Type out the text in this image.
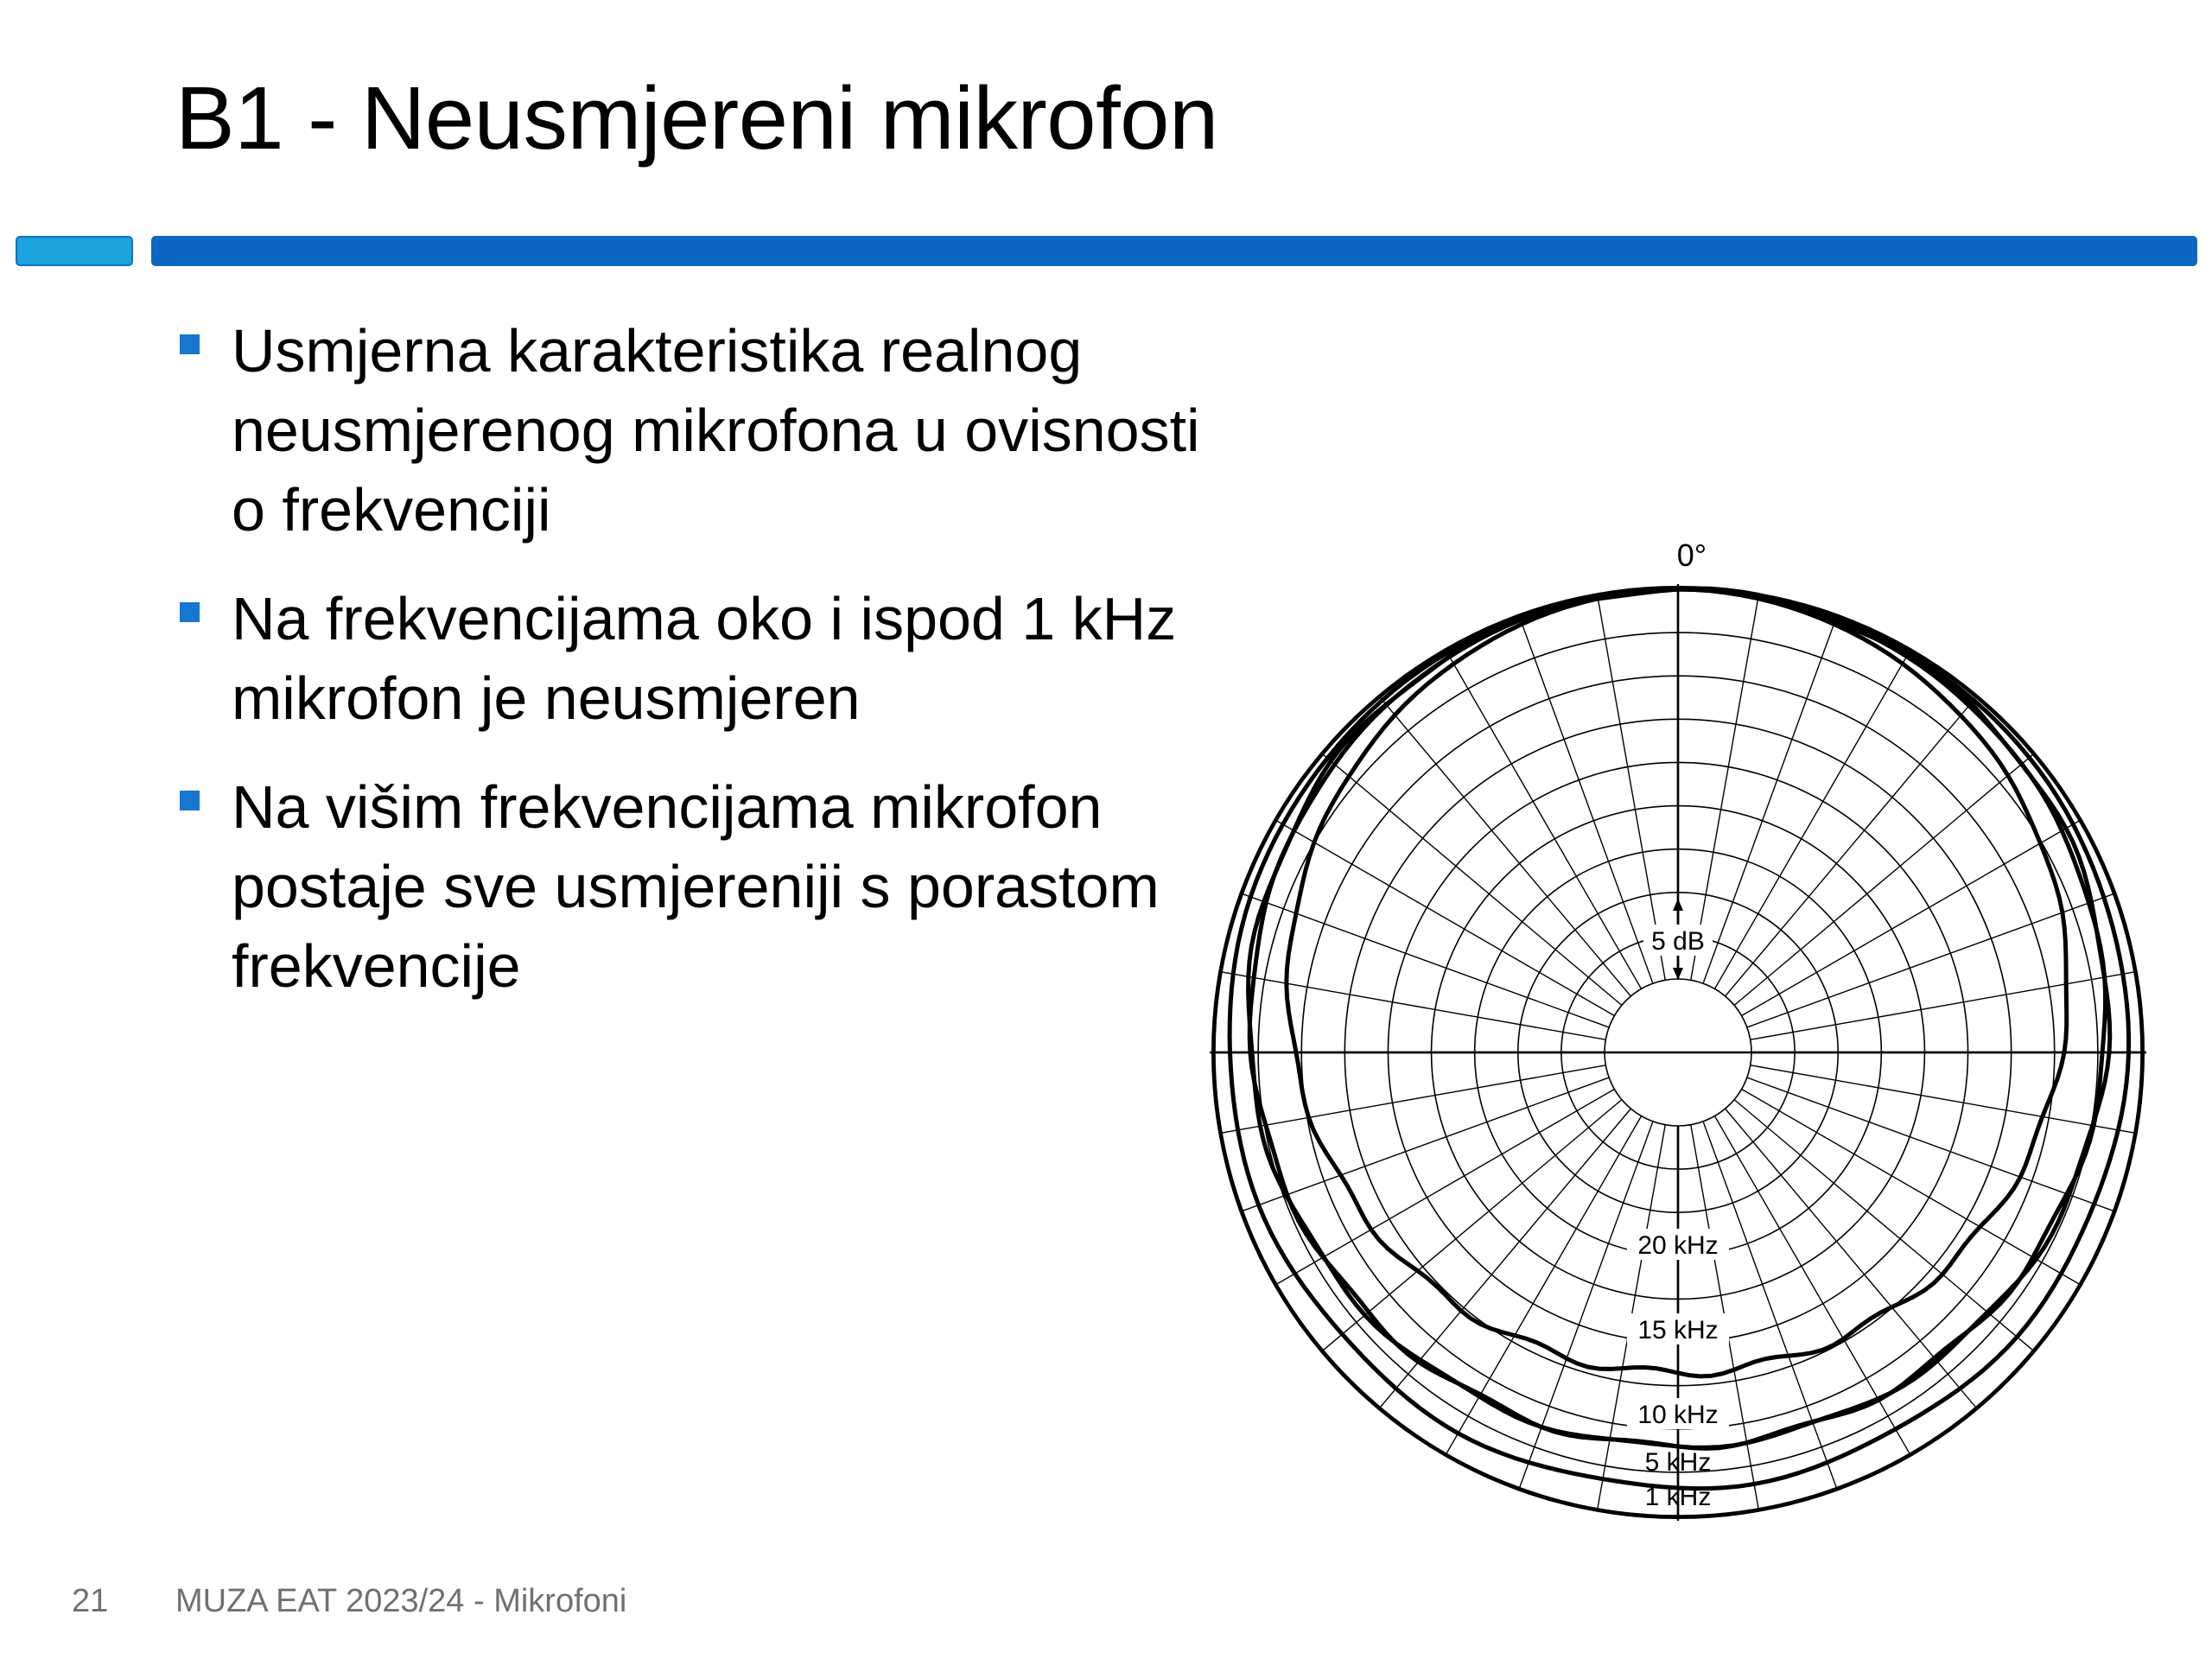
B1 - Neusmjereni mikrofon
Usmjerna karakteristika realnog neusmjerenog mikrofona u ovisnosti o frekvenciji
Na frekvencijama oko i ispod 1 kHz mikrofon je neusmjeren
Na višim frekvencijama mikrofon postaje sve usmjereniji s porastom frekvencije
0°
5 dB
20 kHz
15 kHz
10 kHz
5 kHz
1 kHz
21 MUZA EAT 2023/24 - Mikrofoni
